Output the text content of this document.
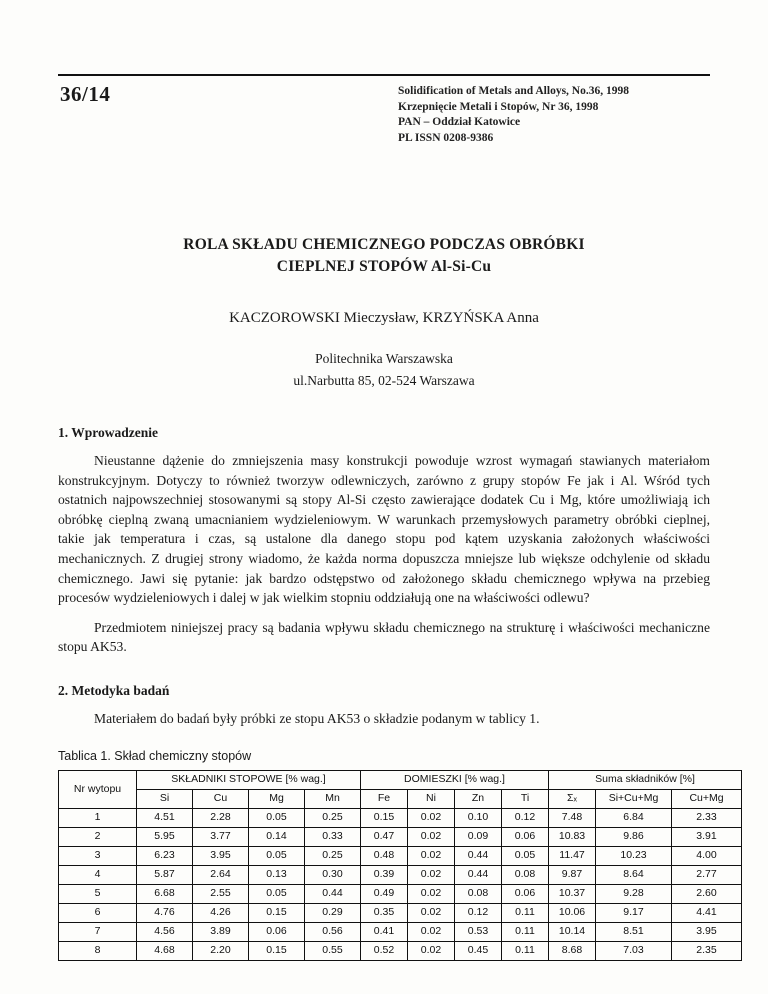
36/14	Solidification of Metals and Alloys, No.36, 1998
Krzepnięcie Metali i Stopów, Nr 36, 1998
PAN – Oddział Katowice
PL ISSN 0208-9386
ROLA SKŁADU CHEMICZNEGO PODCZAS OBRÓBKI
CIEPLNEJ STOPÓW Al-Si-Cu
KACZOROWSKI Mieczysław, KRZYŃSKA Anna
Politechnika Warszawska
ul.Narbutta 85, 02-524 Warszawa
1. Wprowadzenie
Nieustanne dążenie do zmniejszenia masy konstrukcji powoduje wzrost wymagań stawianych materiałom konstrukcyjnym. Dotyczy to również tworzyw odlewniczych, zarówno z grupy stopów Fe jak i Al. Wśród tych ostatnich najpowszechniej stosowanymi są stopy Al-Si często zawierające dodatek Cu i Mg, które umożliwiają ich obróbkę cieplną zwaną umacnianiem wydzieleniowym. W warunkach przemysłowych parametry obróbki cieplnej, takie jak temperatura i czas, są ustalone dla danego stopu pod kątem uzyskania założonych właściwości mechanicznych. Z drugiej strony wiadomo, że każda norma dopuszcza mniejsze lub większe odchylenie od składu chemicznego. Jawi się pytanie: jak bardzo odstępstwo od założonego składu chemicznego wpływa na przebieg procesów wydzieleniowych i dalej w jak wielkim stopniu oddziałują one na właściwości odlewu?
Przedmiotem niniejszej pracy są badania wpływu składu chemicznego na strukturę i właściwości mechaniczne stopu AK53.
2. Metodyka badań
Materiałem do badań były próbki ze stopu AK53 o składzie podanym w tablicy 1.
Tablica 1. Skład chemiczny stopów
Nr wytopu	SKŁADNIKI STOPOWE [% wag.]				DOMIESZKI [% wag.]				Suma składników [%]		
	Si	Cu	Mg	Mn	Fe	Ni	Zn	Ti	Σₓ	Si+Cu+Mg	Cu+Mg
1	4.51	2.28	0.05	0.25	0.15	0.02	0.10	0.12	7.48	6.84	2.33
2	5.95	3.77	0.14	0.33	0.47	0.02	0.09	0.06	10.83	9.86	3.91
3	6.23	3.95	0.05	0.25	0.48	0.02	0.44	0.05	11.47	10.23	4.00
4	5.87	2.64	0.13	0.30	0.39	0.02	0.44	0.08	9.87	8.64	2.77
5	6.68	2.55	0.05	0.44	0.49	0.02	0.08	0.06	10.37	9.28	2.60
6	4.76	4.26	0.15	0.29	0.35	0.02	0.12	0.11	10.06	9.17	4.41
7	4.56	3.89	0.06	0.56	0.41	0.02	0.53	0.11	10.14	8.51	3.95
8	4.68	2.20	0.15	0.55	0.52	0.02	0.45	0.11	8.68	7.03	2.35
